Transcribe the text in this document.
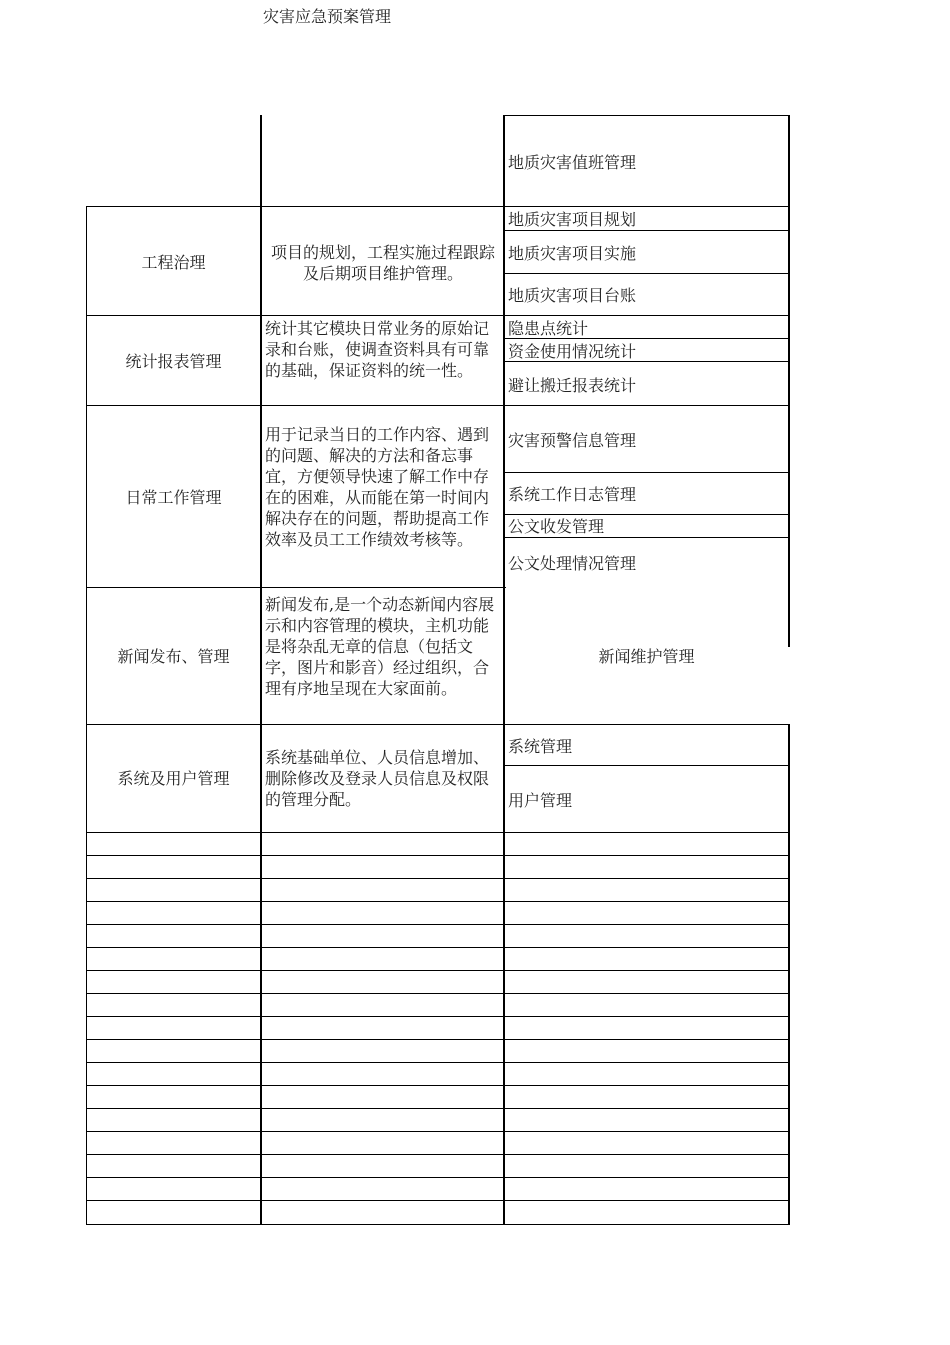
灾害应急预案管理
地质灾害值班管理
工程治理
项目的规划，工程实施过程跟踪及后期项目维护管理。
地质灾害项目规划
地质灾害项目实施
地质灾害项目台账
统计报表管理
统计其它模块日常业务的原始记录和台账，使调查资料具有可靠的基础，保证资料的统一性。
隐患点统计
资金使用情况统计
避让搬迁报表统计
日常工作管理
用于记录当日的工作内容、遇到的问题、解决的方法和备忘事宜，方便领导快速了解工作中存在的困难，从而能在第一时间内解决存在的问题，帮助提高工作效率及员工工作绩效考核等。
灾害预警信息管理
系统工作日志管理
公文收发管理
公文处理情况管理
新闻发布、管理
新闻发布,是一个动态新闻内容展示和内容管理的模块，主机功能是将杂乱无章的信息（包括文字，图片和影音）经过组织，合理有序地呈现在大家面前。
新闻维护管理
系统及用户管理
系统基础单位、人员信息增加、删除修改及登录人员信息及权限的管理分配。
系统管理
用户管理
